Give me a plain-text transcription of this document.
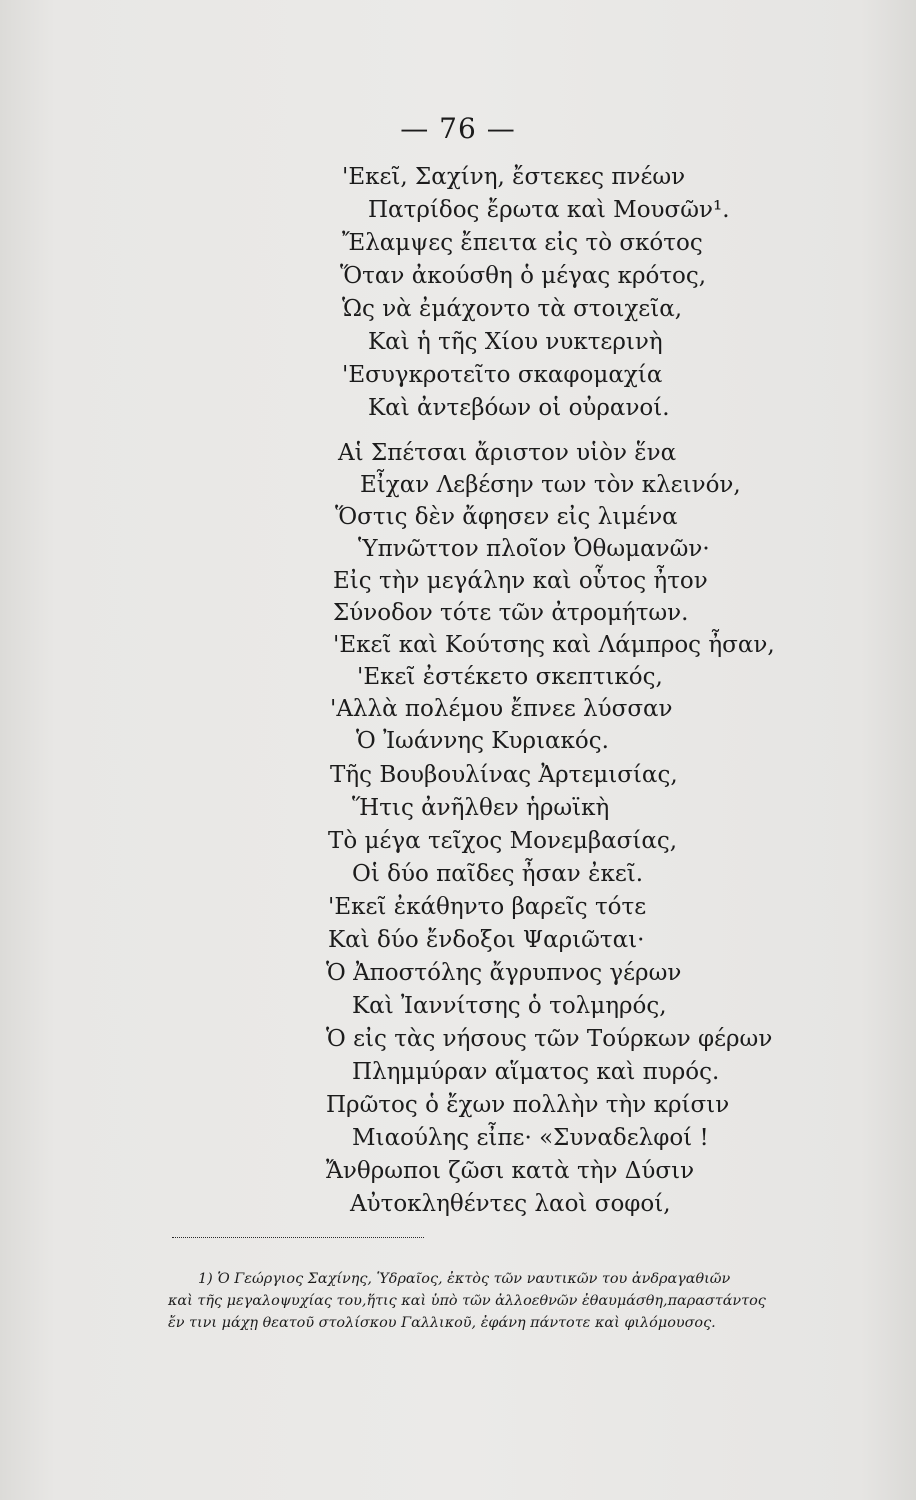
— 76 —
'Εκεῖ, Σαχίνη, ἔστεκες πνέων
Πατρίδος ἔρωτα καὶ Μουσῶν¹.
Ἔλαμψες ἔπειτα εἰς τὸ σκότος
Ὅταν ἀκούσθη ὁ μέγας κρότος,
Ὡς νὰ ἐμάχοντο τὰ στοιχεῖα,
Καὶ ἡ τῆς Χίου νυκτερινὴ
'Εσυγκροτεῖτο σκαφομαχία
Καὶ ἀντεβόων οἱ οὐρανοί.
Αἱ Σπέτσαι ἄριστον υἱὸν ἕνα
Εἶχαν Λεβέσην των τὸν κλεινόν,
Ὅστις δὲν ἄφησεν εἰς λιμένα
Ὑπνῶττον πλοῖον Ὀθωμανῶν·
Εἰς τὴν μεγάλην καὶ οὗτος ἦτον
Σύνοδον τότε τῶν ἀτρομήτων.
'Εκεῖ καὶ Κούτσης καὶ Λάμπρος ἦσαν,
'Εκεῖ ἐστέκετο σκεπτικός,
'Αλλὰ πολέμου ἔπνεε λύσσαν
Ὁ Ἰωάννης Κυριακός.
Τῆς Βουβουλίνας Ἀρτεμισίας,
Ἥτις ἀνῆλθεν ἡρωϊκὴ
Τὸ μέγα τεῖχος Μονεμβασίας,
Οἱ δύο παῖδες ἦσαν ἐκεῖ.
'Εκεῖ ἐκάθηντο βαρεῖς τότε
Καὶ δύο ἔνδοξοι Ψαριῶται·
Ὁ Ἀποστόλης ἄγρυπνος γέρων
Καὶ Ἰαννίτσης ὁ τολμηρός,
Ὁ εἰς τὰς νήσους τῶν Τούρκων φέρων
Πλημμύραν αἵματος καὶ πυρός.
Πρῶτος ὁ ἔχων πολλὴν τὴν κρίσιν
Μιαούλης εἶπε· «Συναδελφοί !
Ἄνθρωποι ζῶσι κατὰ τὴν Δύσιν
Αὐτοκληθέντες λαοὶ σοφοί,
1) Ὁ Γεώργιος Σαχίνης, Ὑδραῖος, ἐκτὸς τῶν ναυτικῶν του ἀνδραγαθιῶν
καὶ τῆς μεγαλοψυχίας του,ἥτις καὶ ὑπὸ τῶν ἀλλοεθνῶν ἐθαυμάσθη,παραστάντος
ἔν τινι μάχῃ θεατοῦ στολίσκου Γαλλικοῦ, ἐφάνη πάντοτε καὶ φιλόμουσος.
